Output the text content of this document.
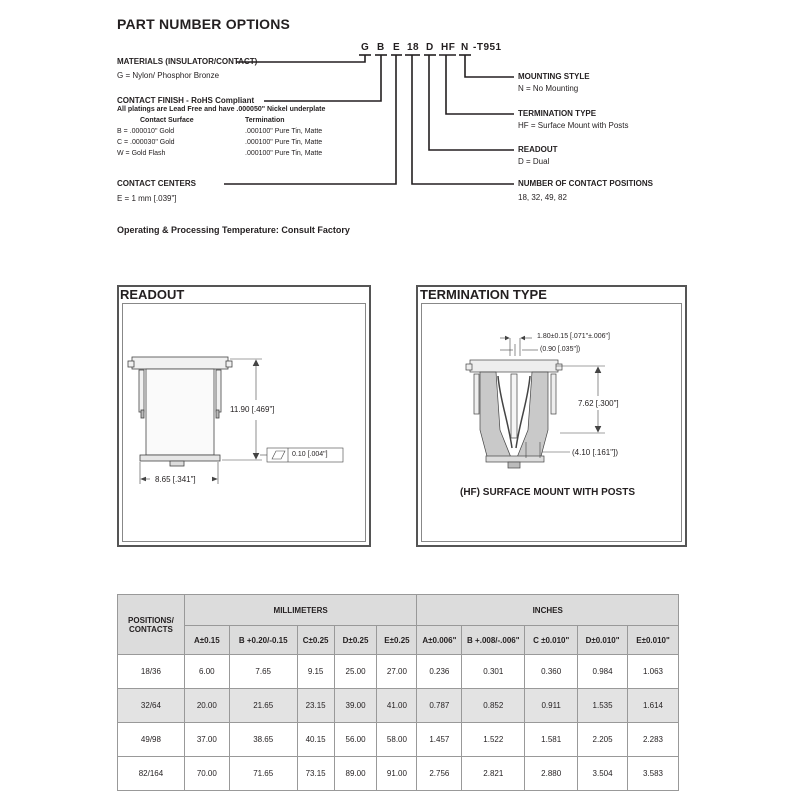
PART NUMBER OPTIONS
G B E 18 D HF N -T951
MATERIALS (INSULATOR/CONTACT)
G = Nylon/ Phosphor Bronze
CONTACT FINISH - RoHS Compliant
All platings are Lead Free and have .000050" Nickel underplate
Contact Surface	Termination
B = .000010" Gold	.000100" Pure Tin, Matte
C = .000030" Gold	.000100" Pure Tin, Matte
W = Gold Flash	.000100" Pure Tin, Matte
CONTACT CENTERS
E = 1 mm [.039"]
MOUNTING STYLE
N = No Mounting
TERMINATION TYPE
HF = Surface Mount with Posts
READOUT
D = Dual
NUMBER OF CONTACT POSITIONS
18, 32, 49, 82
Operating & Processing Temperature: Consult Factory
READOUT
11.90 [.469"]
0.10 [.004"]
8.65 [.341"]
TERMINATION TYPE
1.80±0.15 [.071"±.006"]
(0.90 [.035"])
7.62 [.300"]
(4.10 [.161"])
(HF) SURFACE MOUNT WITH POSTS
POSITIONS/
CONTACTS	MILLIMETERS					INCHES				
	A±0.15	B +0.20/-0.15	C±0.25	D±0.25	E±0.25	A±0.006"	B +.008/-.006"	C ±0.010"	D±0.010"	E±0.010"
18/36	6.00	7.65	9.15	25.00	27.00	0.236	0.301	0.360	0.984	1.063
32/64	20.00	21.65	23.15	39.00	41.00	0.787	0.852	0.911	1.535	1.614
49/98	37.00	38.65	40.15	56.00	58.00	1.457	1.522	1.581	2.205	2.283
82/164	70.00	71.65	73.15	89.00	91.00	2.756	2.821	2.880	3.504	3.583
